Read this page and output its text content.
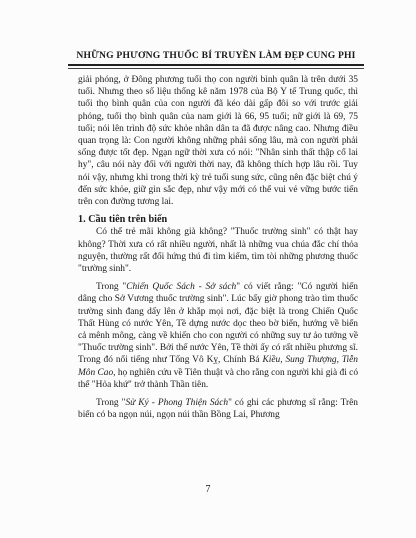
NHỮNG PHƯƠNG THUỐC BÍ TRUYỀN LÀM ĐẸP CUNG PHI

giải phóng, ở Đông phương tuổi thọ con người bình quân là trên dưới 35 tuổi. Nhưng theo số liệu thống kê năm 1978 của Bộ Y tế Trung quốc, thì tuổi thọ bình quân của con người đã kéo dài gấp đôi so với trước giải phóng, tuổi thọ bình quân của nam giới là 66, 95 tuổi; nữ giới là 69, 75 tuổi; nói lên trình độ sức khỏe nhân dân ta đã được nâng cao. Nhưng điều quan trọng là: Con người không những phải sống lâu, mà con người phải sống được tốt đẹp. Ngạn ngữ thời xưa có nói: "Nhân sinh thất thập cổ lai hy", câu nói này đối với người thời nay, đã không thích hợp lâu rồi. Tuy nói vậy, nhưng khi trong thời kỳ trẻ tuổi sung sức, cũng nên đặc biệt chú ý đến sức khỏe, giữ gìn sắc đẹp, như vậy mới có thể vui vẻ vững bước tiến trên con đường tương lai.

1. Cầu tiên trên biển

Có thể trẻ mãi không già không? "Thuốc trường sinh" có thật hay không? Thời xưa có rất nhiều người, nhất là những vua chúa đắc chí thỏa nguyện, thường rất đối hứng thú đi tìm kiếm, tìm tòi những phương thuốc "trường sinh".

Trong "Chiến Quốc Sách - Sở sách" có viết rằng: "Có người hiến dâng cho Sở Vương thuốc trường sinh". Lúc bấy giờ phong trào tìm thuốc trường sinh đang dấy lên ở khắp mọi nơi, đặc biệt là trong Chiến Quốc Thất Hùng có nước Yên, Tề dựng nước dọc theo bờ biển, hướng về biển cả mênh mông, càng về khiến cho con người có những suy tư ảo tưởng về "Thuốc trường sinh". Bởi thế nước Yên, Tề thời ấy có rất nhiều phương sĩ. Trong đó nổi tiếng như Tống Vô Kỵ, Chính Bá Kiều, Sung Thượng, Tiễn Môn Cao, họ nghiên cứu về Tiên thuật và cho rằng con người khi già đi có thể "Hỏa khứ" trở thành Thần tiên.

Trong "Sử Ký - Phong Thiện Sách" có ghi các phương sĩ rằng: Trên biển có ba ngọn núi, ngọn núi thần Bồng Lai, Phương

7
